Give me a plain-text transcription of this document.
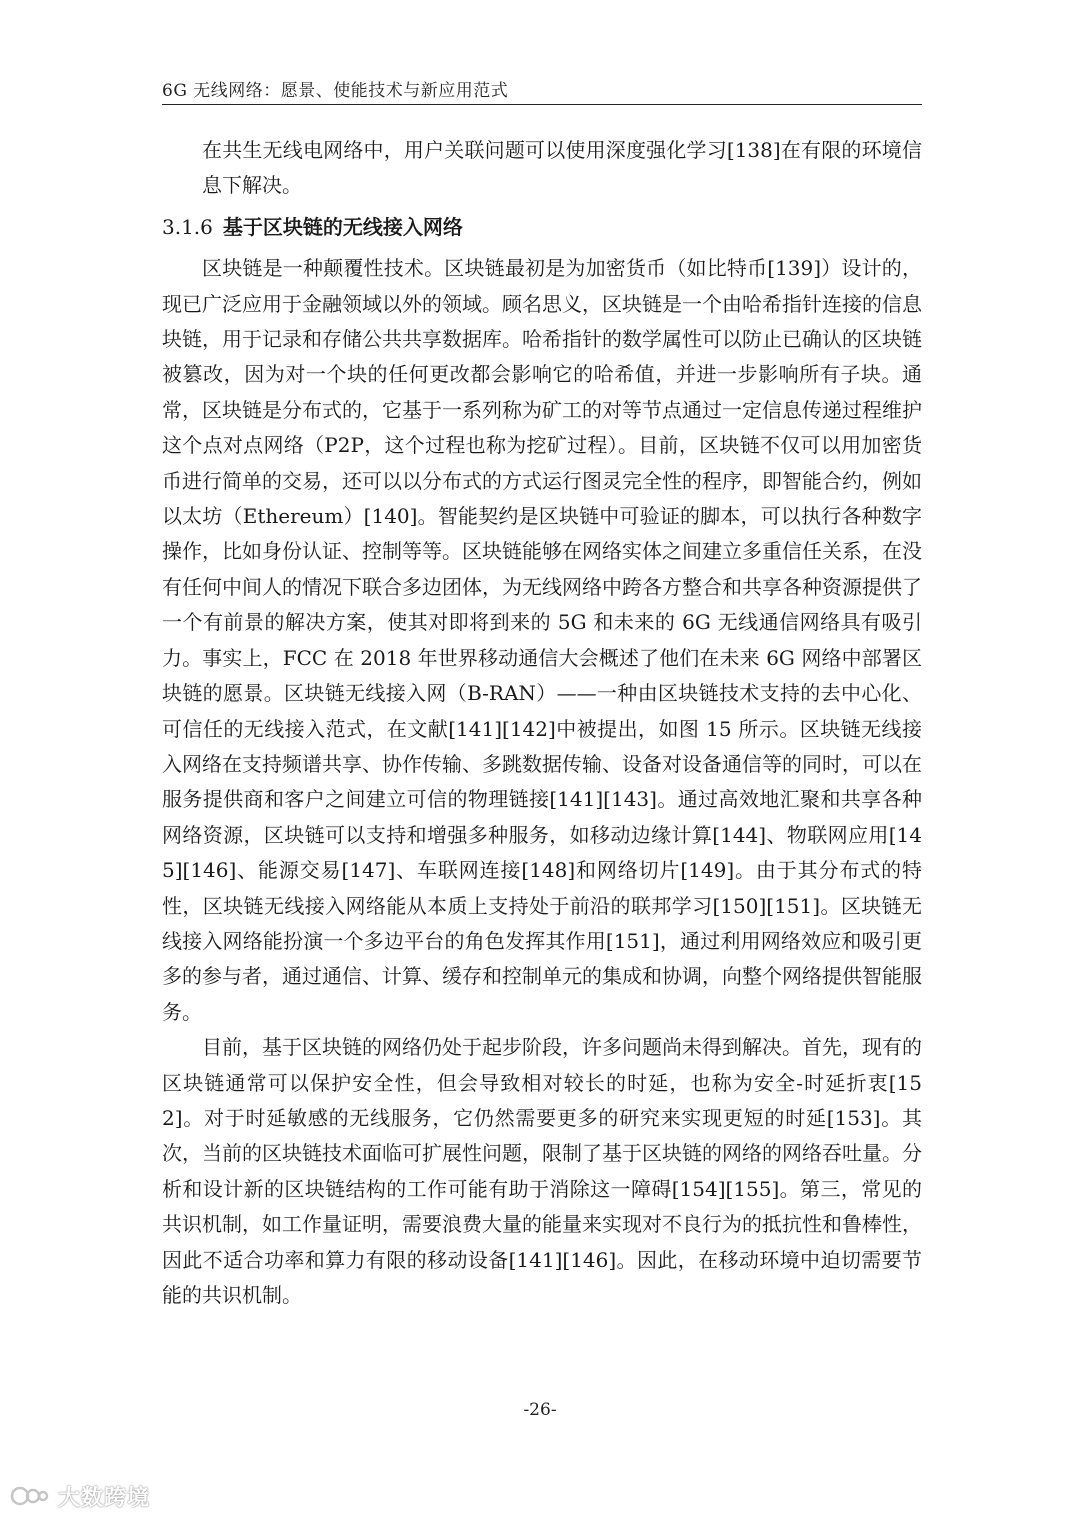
6G 无线网络：愿景、使能技术与新应用范式

在共生无线电网络中，用户关联问题可以使用深度强化学习[138]在有限的环境信息下解决。

3.1.6 基于区块链的无线接入网络

区块链是一种颠覆性技术。区块链最初是为加密货币（如比特币[139]）设计的，现已广泛应用于金融领域以外的领域。顾名思义，区块链是一个由哈希指针连接的信息块链，用于记录和存储公共共享数据库。哈希指针的数学属性可以防止已确认的区块链被篡改，因为对一个块的任何更改都会影响它的哈希值，并进一步影响所有子块。通常，区块链是分布式的，它基于一系列称为矿工的对等节点通过一定信息传递过程维护这个点对点网络（P2P，这个过程也称为挖矿过程）。目前，区块链不仅可以用加密货币进行简单的交易，还可以以分布式的方式运行图灵完全性的程序，即智能合约，例如以太坊（Ethereum）[140]。智能契约是区块链中可验证的脚本，可以执行各种数字操作，比如身份认证、控制等等。区块链能够在网络实体之间建立多重信任关系，在没有任何中间人的情况下联合多边团体，为无线网络中跨各方整合和共享各种资源提供了一个有前景的解决方案，使其对即将到来的 5G 和未来的 6G 无线通信网络具有吸引力。事实上，FCC 在 2018 年世界移动通信大会概述了他们在未来 6G 网络中部署区块链的愿景。区块链无线接入网（B-RAN）——一种由区块链技术支持的去中心化、可信任的无线接入范式，在文献[141][142]中被提出，如图 15 所示。区块链无线接入网络在支持频谱共享、协作传输、多跳数据传输、设备对设备通信等的同时，可以在服务提供商和客户之间建立可信的物理链接[141][143]。通过高效地汇聚和共享各种网络资源，区块链可以支持和增强多种服务，如移动边缘计算[144]、物联网应用[145][146]、能源交易[147]、车联网连接[148]和网络切片[149]。由于其分布式的特性，区块链无线接入网络能从本质上支持处于前沿的联邦学习[150][151]。区块链无线接入网络能扮演一个多边平台的角色发挥其作用[151]，通过利用网络效应和吸引更多的参与者，通过通信、计算、缓存和控制单元的集成和协调，向整个网络提供智能服务。

目前，基于区块链的网络仍处于起步阶段，许多问题尚未得到解决。首先，现有的区块链通常可以保护安全性，但会导致相对较长的时延，也称为安全-时延折衷[152]。对于时延敏感的无线服务，它仍然需要更多的研究来实现更短的时延[153]。其次，当前的区块链技术面临可扩展性问题，限制了基于区块链的网络的网络吞吐量。分析和设计新的区块链结构的工作可能有助于消除这一障碍[154][155]。第三，常见的共识机制，如工作量证明，需要浪费大量的能量来实现对不良行为的抵抗性和鲁棒性，因此不适合功率和算力有限的移动设备[141][146]。因此，在移动环境中迫切需要节能的共识机制。

-26-
大数跨境
